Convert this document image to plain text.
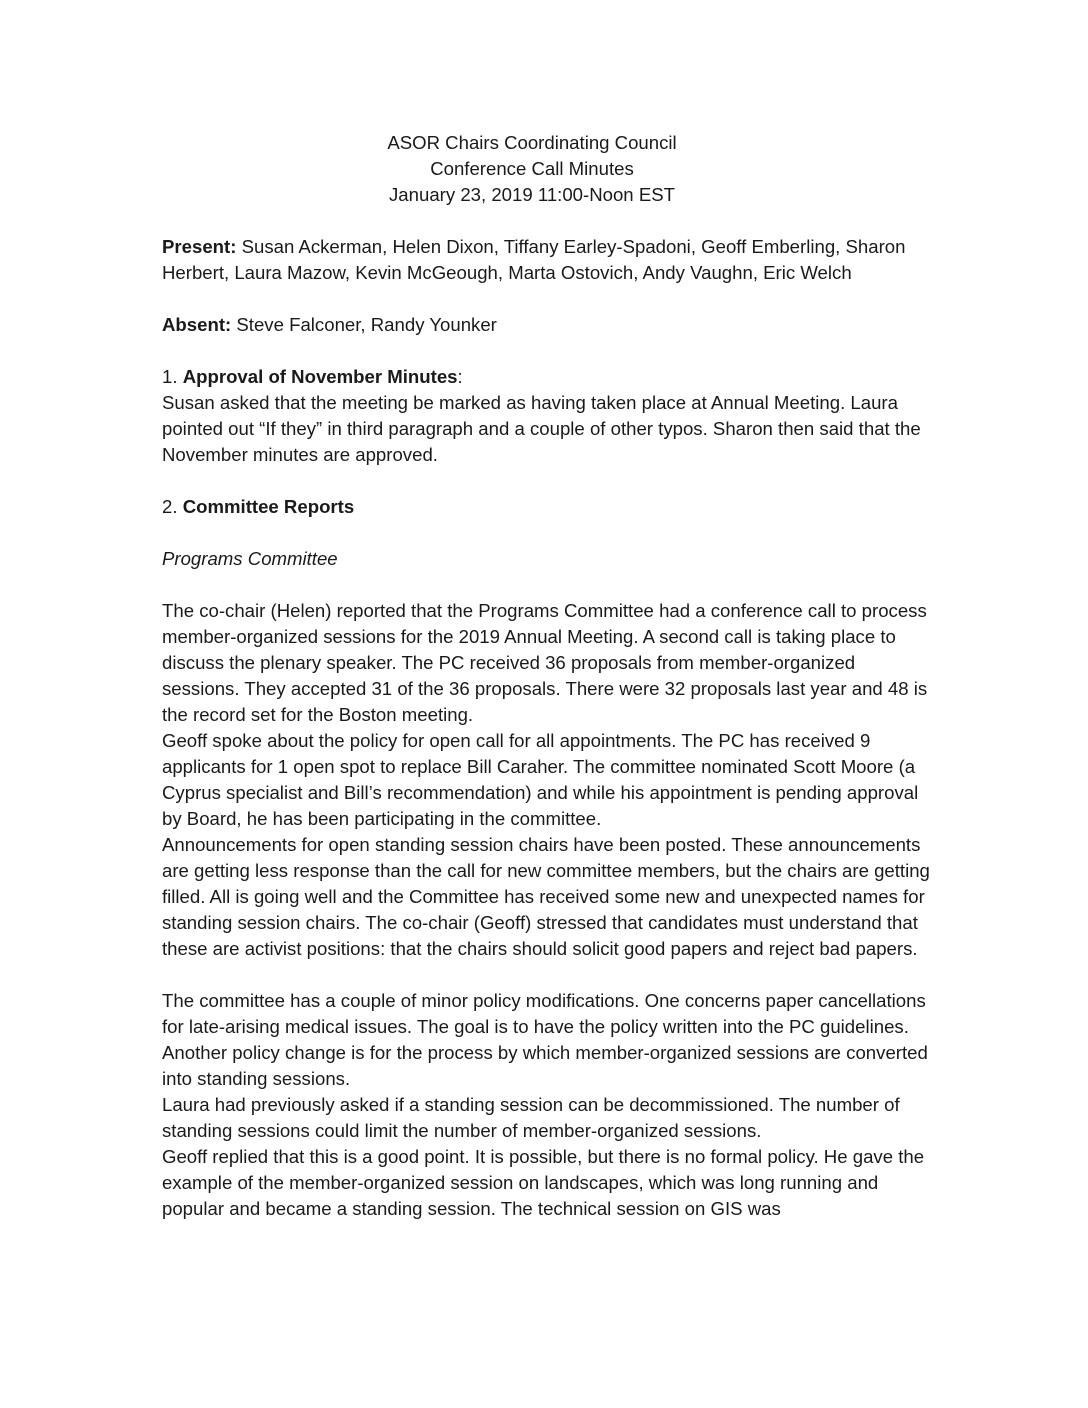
ASOR Chairs Coordinating Council
Conference Call Minutes
January 23, 2019 11:00-Noon EST

Present: Susan Ackerman, Helen Dixon, Tiffany Earley-Spadoni, Geoff Emberling, Sharon Herbert, Laura Mazow, Kevin McGeough, Marta Ostovich, Andy Vaughn, Eric Welch

Absent: Steve Falconer, Randy Younker

1. Approval of November Minutes:

Susan asked that the meeting be marked as having taken place at Annual Meeting. Laura pointed out “If they” in third paragraph and a couple of other typos. Sharon then said that the November minutes are approved.

2. Committee Reports

Programs Committee

The co-chair (Helen) reported that the Programs Committee had a conference call to process member-organized sessions for the 2019 Annual Meeting. A second call is taking place to discuss the plenary speaker. The PC received 36 proposals from member-organized sessions. They accepted 31 of the 36 proposals. There were 32 proposals last year and 48 is the record set for the Boston meeting.

Geoff spoke about the policy for open call for all appointments. The PC has received 9 applicants for 1 open spot to replace Bill Caraher. The committee nominated Scott Moore (a Cyprus specialist and Bill’s recommendation) and while his appointment is pending approval by Board, he has been participating in the committee.

Announcements for open standing session chairs have been posted. These announcements are getting less response than the call for new committee members, but the chairs are getting filled. All is going well and the Committee has received some new and unexpected names for standing session chairs. The co-chair (Geoff) stressed that candidates must understand that these are activist positions: that the chairs should solicit good papers and reject bad papers.

The committee has a couple of minor policy modifications. One concerns paper cancellations for late-arising medical issues. The goal is to have the policy written into the PC guidelines. Another policy change is for the process by which member-organized sessions are converted into standing sessions.

Laura had previously asked if a standing session can be decommissioned. The number of standing sessions could limit the number of member-organized sessions.

Geoff replied that this is a good point. It is possible, but there is no formal policy. He gave the example of the member-organized session on landscapes, which was long running and popular and became a standing session. The technical session on GIS was
